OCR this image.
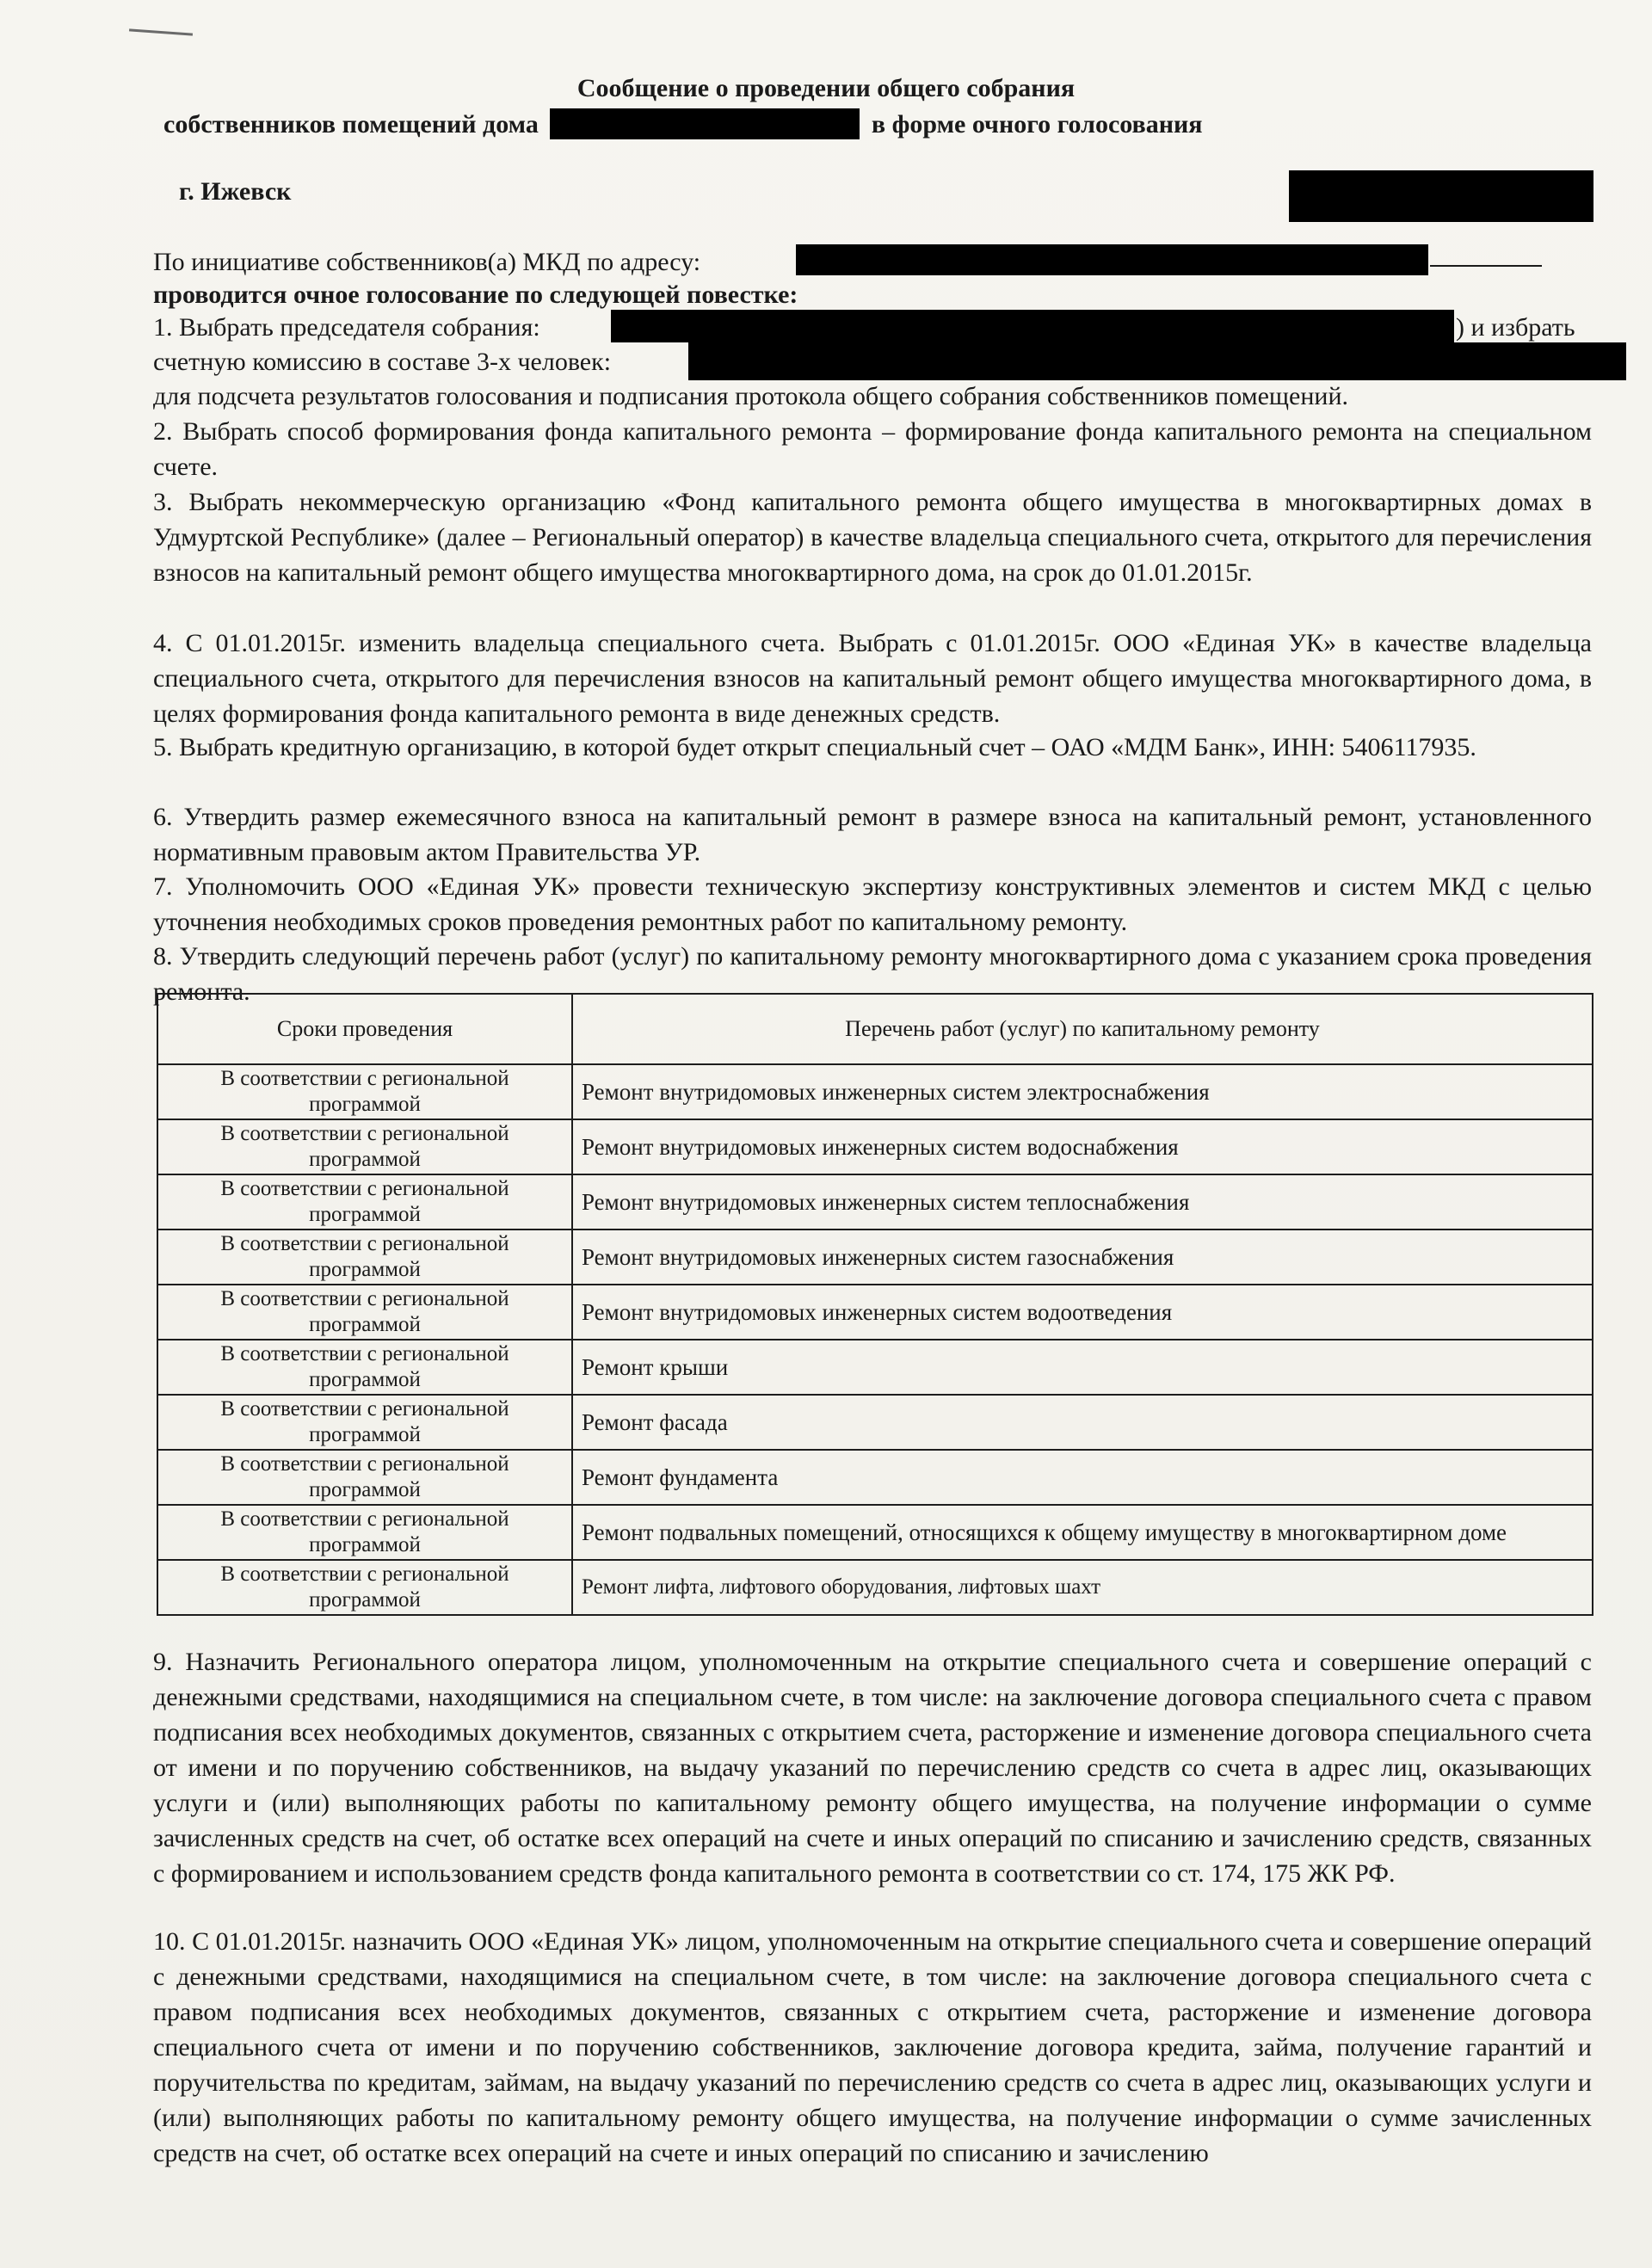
Сообщение о проведении общего собрания
собственников помещений дома	в форме очного голосования
г. Ижевск
По инициативе собственников(а) МКД по адресу:
проводится очное голосование по следующей повестке:
1. Выбрать председателя собрания:	) и избрать
счетную комиссию в составе 3-х человек:
для подсчета результатов голосования и подписания протокола общего собрания собственников помещений.
2. Выбрать способ формирования фонда капитального ремонта – формирование фонда капитального ремонта на специальном счете.
3. Выбрать некоммерческую организацию «Фонд капитального ремонта общего имущества в многоквартирных домах в Удмуртской Республике» (далее – Региональный оператор) в качестве владельца специального счета, открытого для перечисления взносов на капитальный ремонт общего имущества многоквартирного дома, на срок до 01.01.2015г.
4. С 01.01.2015г. изменить владельца специального счета. Выбрать с 01.01.2015г. ООО «Единая УК» в качестве владельца специального счета, открытого для перечисления взносов на капитальный ремонт общего имущества многоквартирного дома, в целях формирования фонда капитального ремонта в виде денежных средств.
5. Выбрать кредитную организацию, в которой будет открыт специальный счет – ОАО «МДМ Банк», ИНН: 5406117935.
6. Утвердить размер ежемесячного взноса на капитальный ремонт в размере взноса на капитальный ремонт, установленного нормативным правовым актом Правительства УР.
7. Уполномочить ООО «Единая УК» провести техническую экспертизу конструктивных элементов и систем МКД с целью уточнения необходимых сроков проведения ремонтных работ по капитальному ремонту.
8. Утвердить следующий перечень работ (услуг) по капитальному ремонту многоквартирного дома с указанием срока проведения ремонта.
Сроки проведения	Перечень работ (услуг) по капитальному ремонту
В соответствии с региональной программой	Ремонт внутридомовых инженерных систем электроснабжения
В соответствии с региональной программой	Ремонт внутридомовых инженерных систем водоснабжения
В соответствии с региональной программой	Ремонт внутридомовых инженерных систем теплоснабжения
В соответствии с региональной программой	Ремонт внутридомовых инженерных систем газоснабжения
В соответствии с региональной программой	Ремонт внутридомовых инженерных систем водоотведения
В соответствии с региональной программой	Ремонт крыши
В соответствии с региональной программой	Ремонт фасада
В соответствии с региональной программой	Ремонт фундамента
В соответствии с региональной программой	Ремонт подвальных помещений, относящихся к общему имуществу в многоквартирном доме
В соответствии с региональной программой	Ремонт лифта, лифтового оборудования, лифтовых шахт
9. Назначить Регионального оператора лицом, уполномоченным на открытие специального счета и совершение операций с денежными средствами, находящимися на специальном счете, в том числе: на заключение договора специального счета с правом подписания всех необходимых документов, связанных с открытием счета, расторжение и изменение договора специального счета от имени и по поручению собственников, на выдачу указаний по перечислению средств со счета в адрес лиц, оказывающих услуги и (или) выполняющих работы по капитальному ремонту общего имущества, на получение информации о сумме зачисленных средств на счет, об остатке всех операций на счете и иных операций по списанию и зачислению средств, связанных с формированием и использованием средств фонда капитального ремонта в соответствии со ст. 174, 175 ЖК РФ.
10. С 01.01.2015г. назначить ООО «Единая УК» лицом, уполномоченным на открытие специального счета и совершение операций с денежными средствами, находящимися на специальном счете, в том числе: на заключение договора специального счета с правом подписания всех необходимых документов, связанных с открытием счета, расторжение и изменение договора специального счета от имени и по поручению собственников, заключение договора кредита, займа, получение гарантий и поручительства по кредитам, займам, на выдачу указаний по перечислению средств со счета в адрес лиц, оказывающих услуги и (или) выполняющих работы по капитальному ремонту общего имущества, на получение информации о сумме зачисленных средств на счет, об остатке всех операций на счете и иных операций по списанию и зачислению
